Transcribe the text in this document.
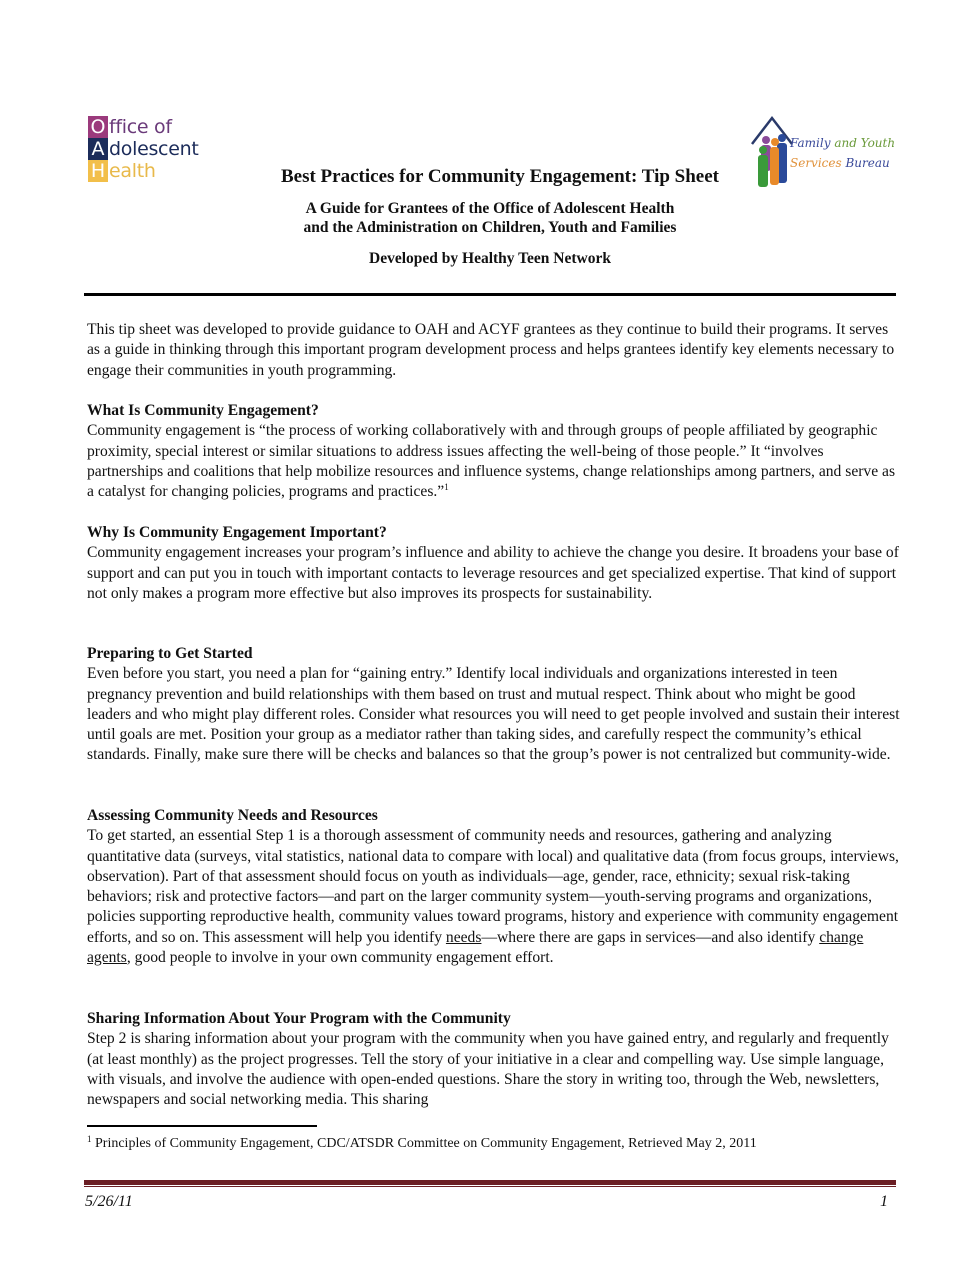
O ffice of
A dolescent
H ealth
Family and Youth
Services Bureau
Best Practices for Community Engagement: Tip Sheet
A Guide for Grantees of the Office of Adolescent Health
and the Administration on Children, Youth and Families
Developed by Healthy Teen Network
This tip sheet was developed to provide guidance to OAH and ACYF grantees as they continue to build their programs. It serves as a guide in thinking through this important program development process and helps grantees identify key elements necessary to engage their communities in youth programming.
What Is Community Engagement?
Community engagement is “the process of working collaboratively with and through groups of people affiliated by geographic proximity, special interest or similar situations to address issues affecting the well-being of those people.” It “involves partnerships and coalitions that help mobilize resources and influence systems, change relationships among partners, and serve as a catalyst for changing policies, programs and practices.”$^1$
Why Is Community Engagement Important?
Community engagement increases your program’s influence and ability to achieve the change you desire. It broadens your base of support and can put you in touch with important contacts to leverage resources and get specialized expertise. That kind of support not only makes a program more effective but also improves its prospects for sustainability.
Preparing to Get Started
Even before you start, you need a plan for “gaining entry.” Identify local individuals and organizations interested in teen pregnancy prevention and build relationships with them based on trust and mutual respect. Think about who might be good leaders and who might play different roles. Consider what resources you will need to get people involved and sustain their interest until goals are met. Position your group as a mediator rather than taking sides, and carefully respect the community’s ethical standards. Finally, make sure there will be checks and balances so that the group’s power is not centralized but community-wide.
Assessing Community Needs and Resources
To get started, an essential Step 1 is a thorough assessment of community needs and resources, gathering and analyzing quantitative data (surveys, vital statistics, national data to compare with local) and qualitative data (from focus groups, interviews, observation). Part of that assessment should focus on youth as individuals—age, gender, race, ethnicity; sexual risk-taking behaviors; risk and protective factors—and part on the larger community system—youth-serving programs and organizations, policies supporting reproductive health, community values toward programs, history and experience with community engagement efforts, and so on. This assessment will help you identify needs—where there are gaps in services—and also identify change agents, good people to involve in your own community engagement effort.
Sharing Information About Your Program with the Community
Step 2 is sharing information about your program with the community when you have gained entry, and regularly and frequently (at least monthly) as the project progresses. Tell the story of your initiative in a clear and compelling way. Use simple language, with visuals, and involve the audience with open-ended questions. Share the story in writing too, through the Web, newsletters, newspapers and social networking media. This sharing
$^1$ Principles of Community Engagement, CDC/ATSDR Committee on Community Engagement, Retrieved May 2, 2011
5/26/11	1
